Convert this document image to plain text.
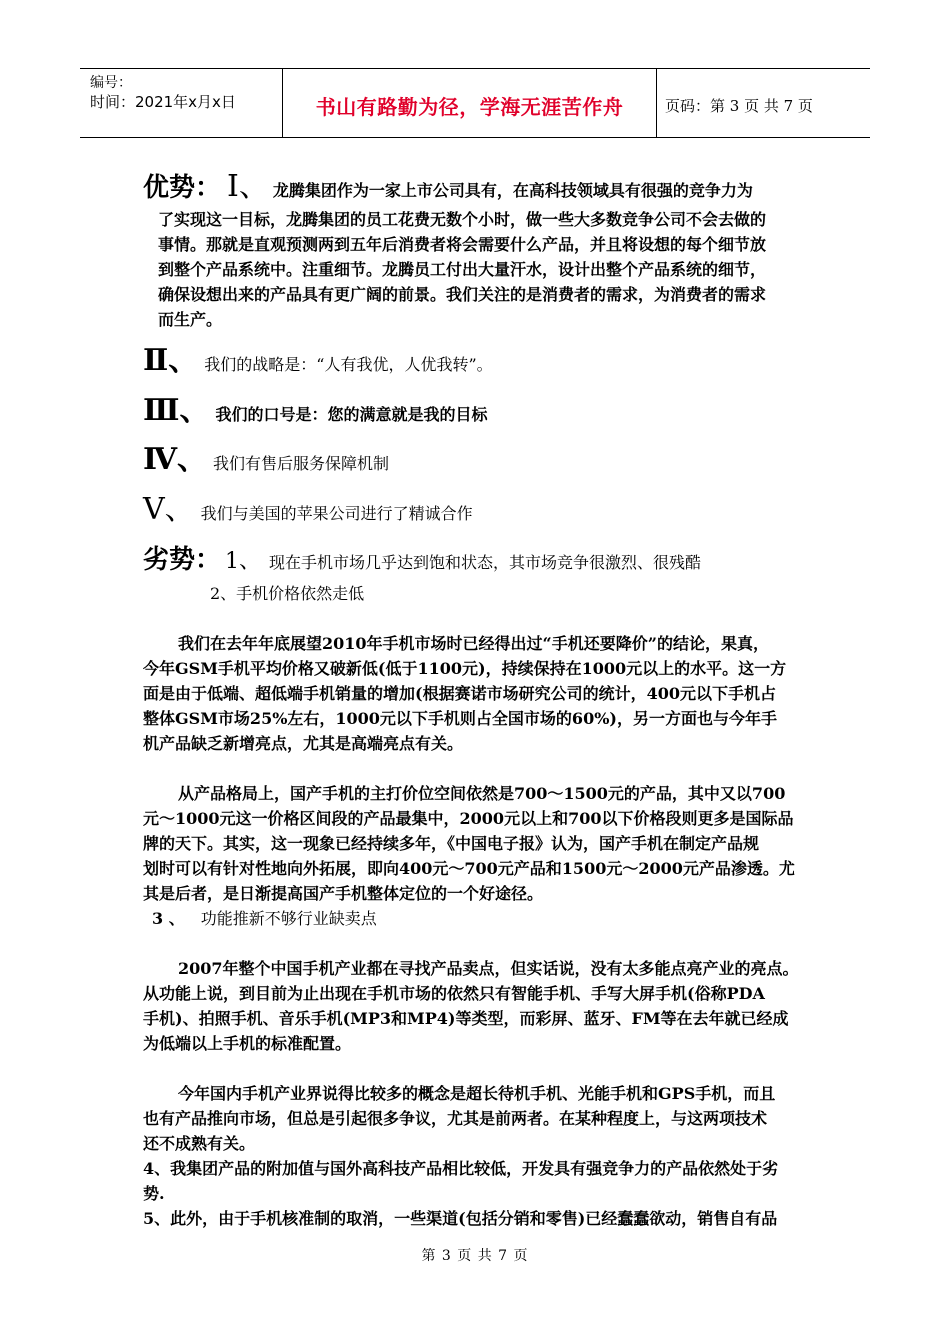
编号：
时间：2021年x月x日	书山有路勤为径，学海无涯苦作舟	页码：第 3 页 共 7 页
优势： Ⅰ、 龙腾集团作为一家上市公司具有，在高科技领域具有很强的竞争力为
了实现这一目标，龙腾集团的员工花费无数个小时，做一些大多数竞争公司不会去做的
事情。那就是直观预测两到五年后消费者将会需要什么产品，并且将设想的每个细节放
到整个产品系统中。注重细节。龙腾员工付出大量汗水，设计出整个产品系统的细节，
确保设想出来的产品具有更广阔的前景。我们关注的是消费者的需求，为消费者的需求
而生产。
Ⅱ、 我们的战略是：“人有我优，人优我转”。
Ⅲ、 我们的口号是：您的满意就是我的目标
Ⅳ、 我们有售后服务保障机制
Ⅴ、 我们与美国的苹果公司进行了精诚合作
劣势： 1、 现在手机市场几乎达到饱和状态，其市场竞争很激烈、很残酷
2、手机价格依然走低
我们在去年年底展望2010年手机市场时已经得出过“手机还要降价”的结论，果真，
今年GSM手机平均价格又破新低(低于1100元)，持续保持在1000元以上的水平。这一方
面是由于低端、超低端手机销量的增加(根据赛诺市场研究公司的统计，400元以下手机占
整体GSM市场25%左右，1000元以下手机则占全国市场的60%)，另一方面也与今年手
机产品缺乏新增亮点，尤其是高端亮点有关。
从产品格局上，国产手机的主打价位空间依然是700～1500元的产品，其中又以700
元～1000元这一价格区间段的产品最集中，2000元以上和700以下价格段则更多是国际品
牌的天下。其实，这一现象已经持续多年，《中国电子报》认为，国产手机在制定产品规
划时可以有针对性地向外拓展，即向400元～700元产品和1500元～2000元产品渗透。尤
其是后者，是日渐提高国产手机整体定位的一个好途径。
3 、 功能推新不够行业缺卖点
2007年整个中国手机产业都在寻找产品卖点，但实话说，没有太多能点亮产业的亮点。
从功能上说，到目前为止出现在手机市场的依然只有智能手机、手写大屏手机(俗称PDA
手机)、拍照手机、音乐手机(MP3和MP4)等类型，而彩屏、蓝牙、FM等在去年就已经成
为低端以上手机的标准配置。
今年国内手机产业界说得比较多的概念是超长待机手机、光能手机和GPS手机，而且
也有产品推向市场，但总是引起很多争议，尤其是前两者。在某种程度上，与这两项技术
还不成熟有关。
4、我集团产品的附加值与国外高科技产品相比较低，开发具有强竞争力的产品依然处于劣
势.
5、此外，由于手机核准制的取消，一些渠道(包括分销和零售)已经蠢蠢欲动，销售自有品
第 3 页 共 7 页
